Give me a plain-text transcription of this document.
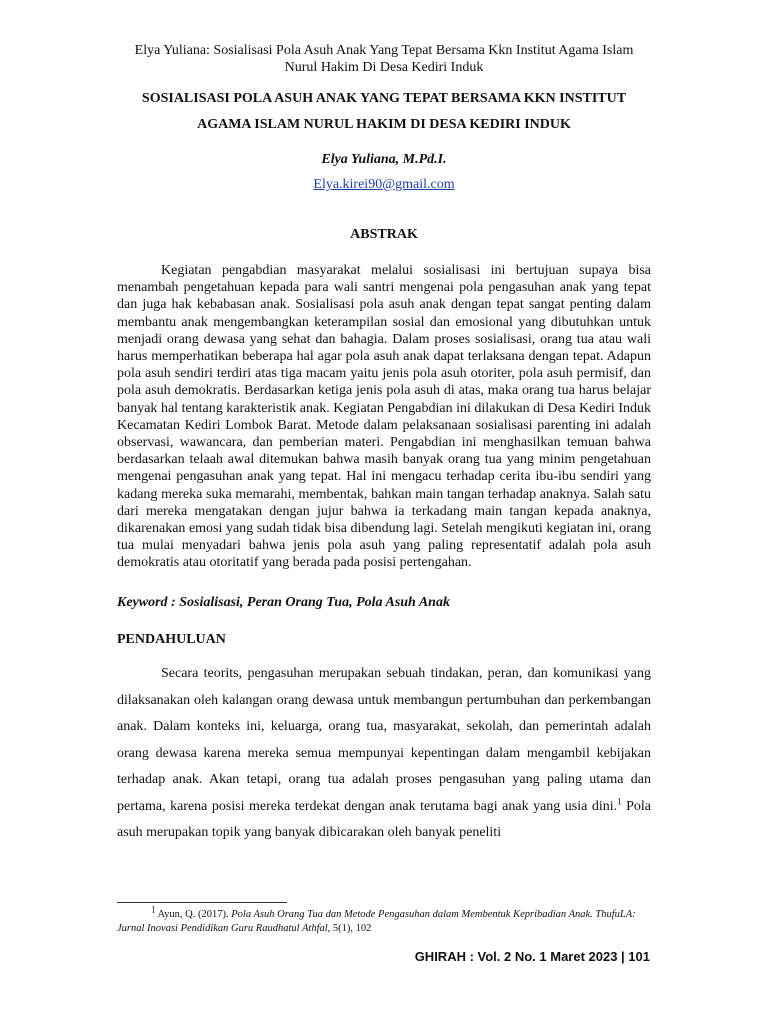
Elya Yuliana: Sosialisasi Pola Asuh Anak Yang Tepat Bersama Kkn Institut Agama Islam
Nurul Hakim Di Desa Kediri Induk
SOSIALISASI POLA ASUH ANAK YANG TEPAT BERSAMA KKN INSTITUT
AGAMA ISLAM NURUL HAKIM DI DESA KEDIRI INDUK
Elya Yuliana, M.Pd.I.
Elya.kirei90@gmail.com
ABSTRAK

Kegiatan pengabdian masyarakat melalui sosialisasi ini bertujuan supaya bisa menambah pengetahuan kepada para wali santri mengenai pola pengasuhan anak yang tepat dan juga hak kebabasan anak. Sosialisasi pola asuh anak dengan tepat sangat penting dalam membantu anak mengembangkan keterampilan sosial dan emosional yang dibutuhkan untuk menjadi orang dewasa yang sehat dan bahagia. Dalam proses sosialisasi, orang tua atau wali harus memperhatikan beberapa hal agar pola asuh anak dapat terlaksana dengan tepat. Adapun pola asuh sendiri terdiri atas tiga macam yaitu jenis pola asuh otoriter, pola asuh permisif, dan pola asuh demokratis. Berdasarkan ketiga jenis pola asuh di atas, maka orang tua harus belajar banyak hal tentang karakteristik anak. Kegiatan Pengabdian ini dilakukan di Desa Kediri Induk Kecamatan Kediri Lombok Barat. Metode dalam pelaksanaan sosialisasi parenting ini adalah observasi, wawancara, dan pemberian materi. Pengabdian ini menghasilkan temuan bahwa berdasarkan telaah awal ditemukan bahwa masih banyak orang tua yang minim pengetahuan mengenai pengasuhan anak yang tepat. Hal ini mengacu terhadap cerita ibu-ibu sendiri yang kadang mereka suka memarahi, membentak, bahkan main tangan terhadap anaknya. Salah satu dari mereka mengatakan dengan jujur bahwa ia terkadang main tangan kepada anaknya, dikarenakan emosi yang sudah tidak bisa dibendung lagi. Setelah mengikuti kegiatan ini, orang tua mulai menyadari bahwa jenis pola asuh yang paling representatif adalah pola asuh demokratis atau otoritatif yang berada pada posisi pertengahan.

Keyword : Sosialisasi, Peran Orang Tua, Pola Asuh Anak
PENDAHULUAN

Secara teorits, pengasuhan merupakan sebuah tindakan, peran, dan komunikasi yang dilaksanakan oleh kalangan orang dewasa untuk membangun pertumbuhan dan perkembangan anak. Dalam konteks ini, keluarga, orang tua, masyarakat, sekolah, dan pemerintah adalah orang dewasa karena mereka semua mempunyai kepentingan dalam mengambil kebijakan terhadap anak. Akan tetapi, orang tua adalah proses pengasuhan yang paling utama dan pertama, karena posisi mereka terdekat dengan anak terutama bagi anak yang usia dini.$^1$ Pola asuh merupakan topik yang banyak dibicarakan oleh banyak peneliti

$^1$ Ayun, Q. (2017). Pola Asuh Orang Tua dan Metode Pengasuhan dalam Membentuk Kepribadian Anak. ThufuLA: Jurnal Inovasi Pendidikan Guru Raudhatul Athfal, 5(1), 102
GHIRAH : Vol. 2 No. 1 Maret 2023 | 101
